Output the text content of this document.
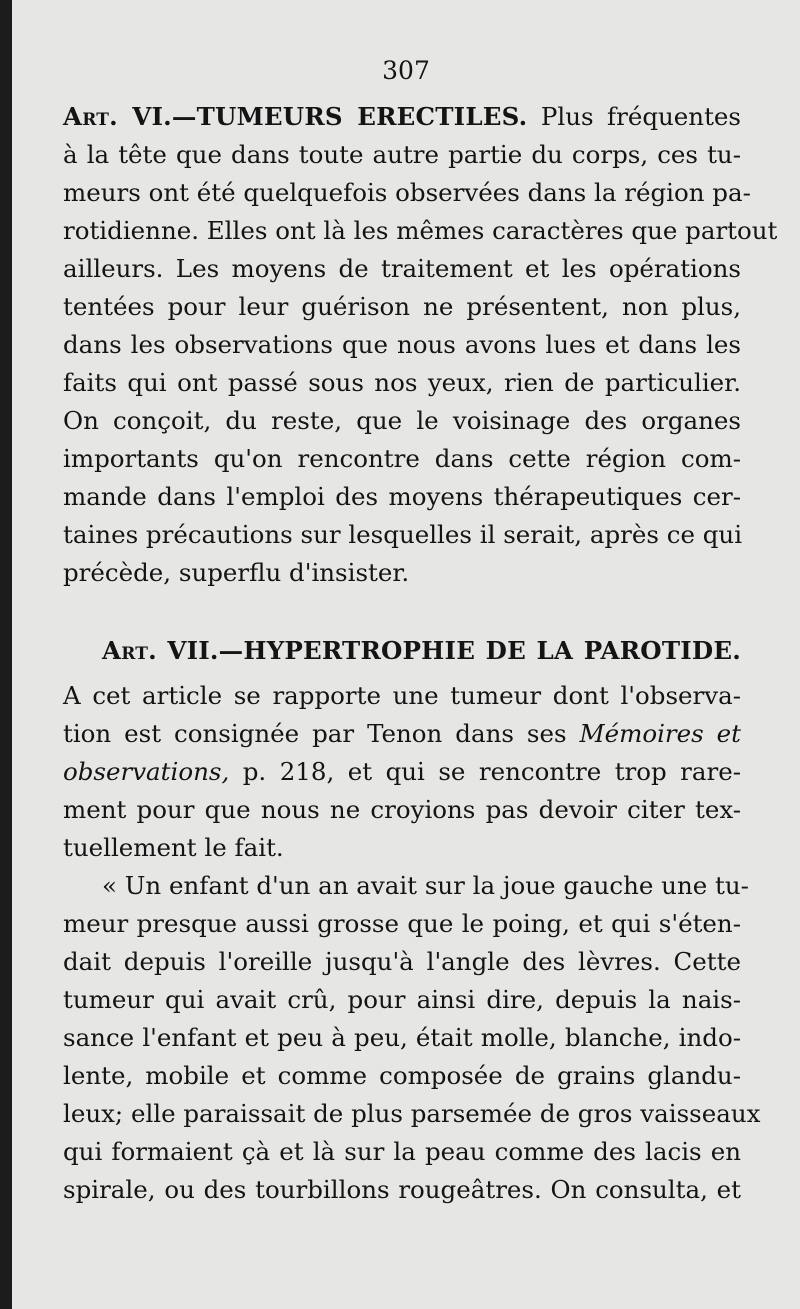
307
Art. VI.—TUMEURS ERECTILES. Plus fréquentes
à la tête que dans toute autre partie du corps, ces tu-
meurs ont été quelquefois observées dans la région pa-
rotidienne. Elles ont là les mêmes caractères que partout
ailleurs. Les moyens de traitement et les opérations
tentées pour leur guérison ne présentent, non plus,
dans les observations que nous avons lues et dans les
faits qui ont passé sous nos yeux, rien de particulier.
On conçoit, du reste, que le voisinage des organes
importants qu'on rencontre dans cette région com-
mande dans l'emploi des moyens thérapeutiques cer-
taines précautions sur lesquelles il serait, après ce qui
précède, superflu d'insister.
Art. VII.—HYPERTROPHIE DE LA PAROTIDE.
A cet article se rapporte une tumeur dont l'observa-
tion est consignée par Tenon dans ses Mémoires et
observations, p. 218, et qui se rencontre trop rare-
ment pour que nous ne croyions pas devoir citer tex-
tuellement le fait.
« Un enfant d'un an avait sur la joue gauche une tu-
meur presque aussi grosse que le poing, et qui s'éten-
dait depuis l'oreille jusqu'à l'angle des lèvres. Cette
tumeur qui avait crû, pour ainsi dire, depuis la nais-
sance l'enfant et peu à peu, était molle, blanche, indo-
lente, mobile et comme composée de grains glandu-
leux; elle paraissait de plus parsemée de gros vaisseaux
qui formaient çà et là sur la peau comme des lacis en
spirale, ou des tourbillons rougeâtres. On consulta, et
